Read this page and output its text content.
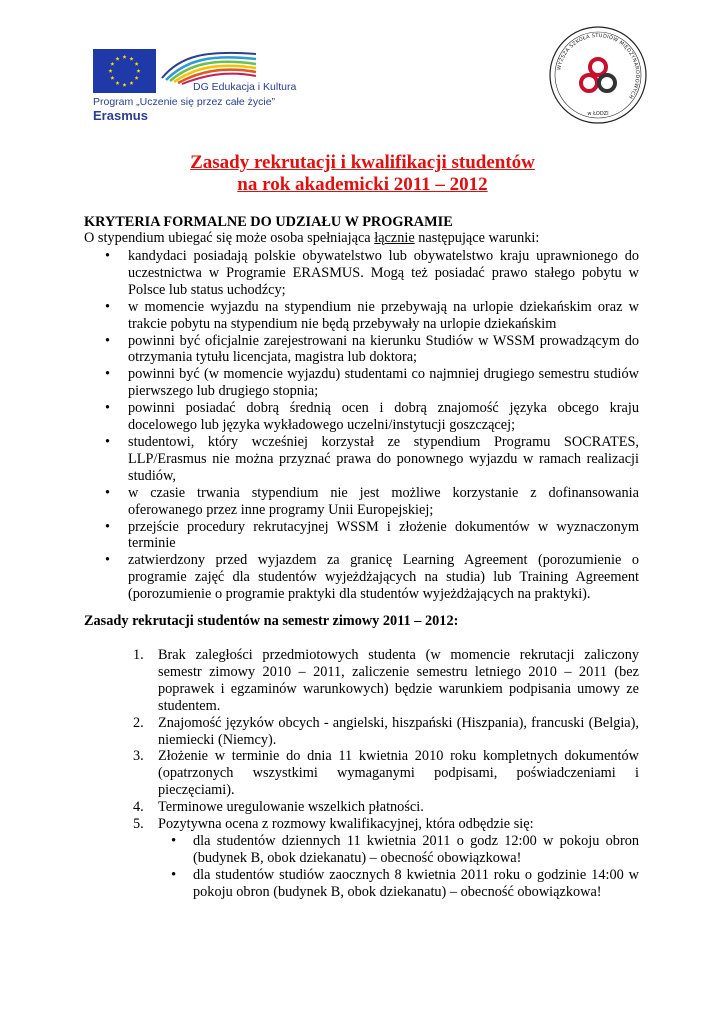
DG Edukacja i Kultura
Program „Uczenie się przez całe życie”
Erasmus
WYŻSZA SZKOŁA STUDIÓW MIĘDZYNARODOWYCH
w ŁODZI
Zasady rekrutacji i kwalifikacji studentów
na rok akademicki 2011 – 2012
KRYTERIA FORMALNE DO UDZIAŁU W PROGRAMIE
O stypendium ubiegać się może osoba spełniająca łącznie następujące warunki:
• kandydaci posiadają polskie obywatelstwo lub obywatelstwo kraju uprawnionego do uczestnictwa w Programie ERASMUS. Mogą też posiadać prawo stałego pobytu w Polsce lub status uchodźcy;
• w momencie wyjazdu na stypendium nie przebywają na urlopie dziekańskim oraz w trakcie pobytu na stypendium nie będą przebywały na urlopie dziekańskim
• powinni być oficjalnie zarejestrowani na kierunku Studiów w WSSM prowadzącym do otrzymania tytułu licencjata, magistra lub doktora;
• powinni być (w momencie wyjazdu) studentami co najmniej drugiego semestru studiów pierwszego lub drugiego stopnia;
• powinni posiadać dobrą średnią ocen i dobrą znajomość języka obcego kraju docelowego lub języka wykładowego uczelni/instytucji goszczącej;
• studentowi, który wcześniej korzystał ze stypendium Programu SOCRATES, LLP/Erasmus nie można przyznać prawa do ponownego wyjazdu w ramach realizacji studiów,
• w czasie trwania stypendium nie jest możliwe korzystanie z dofinansowania oferowanego przez inne programy Unii Europejskiej;
• przejście procedury rekrutacyjnej WSSM i złożenie dokumentów w wyznaczonym terminie
• zatwierdzony przed wyjazdem za granicę Learning Agreement (porozumienie o programie zajęć dla studentów wyjeżdżających na studia) lub Training Agreement (porozumienie o programie praktyki dla studentów wyjeżdżających na praktyki).
Zasady rekrutacji studentów na semestr zimowy 2011 – 2012:
1. Brak zaległości przedmiotowych studenta (w momencie rekrutacji zaliczony semestr zimowy 2010 – 2011, zaliczenie semestru letniego 2010 – 2011 (bez poprawek i egzaminów warunkowych) będzie warunkiem podpisania umowy ze studentem.
2. Znajomość języków obcych - angielski, hiszpański (Hiszpania), francuski (Belgia), niemiecki (Niemcy).
3. Złożenie w terminie do dnia 11 kwietnia 2010 roku kompletnych dokumentów (opatrzonych wszystkimi wymaganymi podpisami, poświadczeniami i pieczęciami).
4. Terminowe uregulowanie wszelkich płatności.
5. Pozytywna ocena z rozmowy kwalifikacyjnej, która odbędzie się:
• dla studentów dziennych 11 kwietnia 2011 o godz 12:00 w pokoju obron (budynek B, obok dziekanatu) – obecność obowiązkowa!
• dla studentów studiów zaocznych 8 kwietnia 2011 roku o godzinie 14:00 w pokoju obron (budynek B, obok dziekanatu) – obecność obowiązkowa!
